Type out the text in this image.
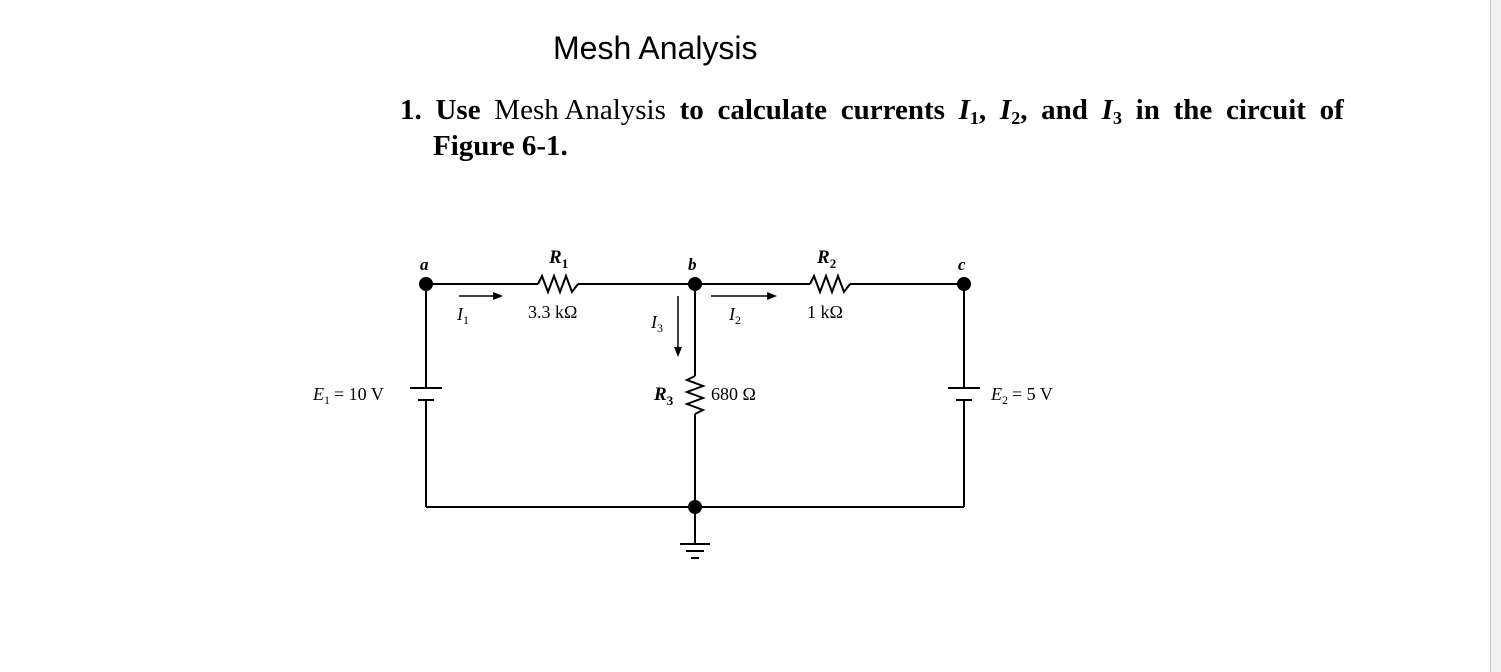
Mesh Analysis
1. Use Mesh Analysis to calculate currents $I_1$, $I_2$, and $I_3$ in the circuit of
Figure 6-1.
a	b	c
$R_1$
3.3 kΩ
$R_2$
1 kΩ
$R_3$ 680 Ω
$I_1$	$I_2$
$I_3$
$E_1 = 10$ V	$E_2 = 5$ V
